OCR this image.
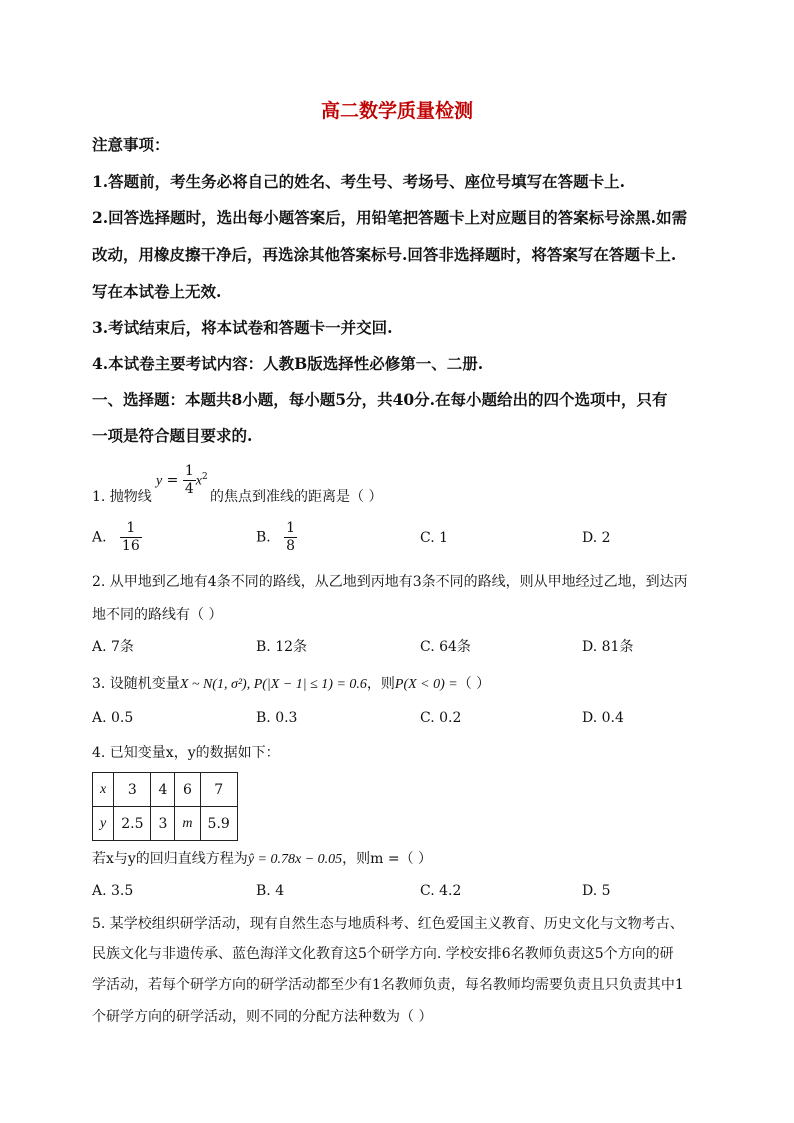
高二数学质量检测
注意事项：
1.答题前，考生务必将自己的姓名、考生号、考场号、座位号填写在答题卡上.
2.回答选择题时，选出每小题答案后，用铅笔把答题卡上对应题目的答案标号涂黑.如需
改动，用橡皮擦干净后，再选涂其他答案标号.回答非选择题时，将答案写在答题卡上.
写在本试卷上无效.
3.考试结束后，将本试卷和答题卡一并交回.
4.本试卷主要考试内容：人教B版选择性必修第一、二册.
一、选择题：本题共8小题，每小题5分，共40分.在每小题给出的四个选项中，只有
一项是符合题目要求的.
1. 抛物线
$y = \frac{1}{4} x^2$
的焦点到准线的距离是（ ）
A. $\frac{1}{16}$	B. $\frac{1}{8}$	C. 1	D. 2
2. 从甲地到乙地有4条不同的路线，从乙地到丙地有3条不同的路线，则从甲地经过乙地，到达丙
地不同的路线有（ ）
A. 7条	B. 12条	C. 64条	D. 81条
3. 设随机变量X ~ N(1, σ²), P(|X − 1| ≤ 1) = 0.6，则P(X < 0) =（ ）
A. 0.5	B. 0.3	C. 0.2	D. 0.4
4. 已知变量x，y的数据如下：
x	3	4	6	7
y	2.5	3	m	5.9
若x与y的回归直线方程为ŷ = 0.78x − 0.05，则m =（ ）
A. 3.5	B. 4	C. 4.2	D. 5
5. 某学校组织研学活动，现有自然生态与地质科考、红色爱国主义教育、历史文化与文物考古、
民族文化与非遗传承、蓝色海洋文化教育这5个研学方向. 学校安排6名教师负责这5个方向的研
学活动，若每个研学方向的研学活动都至少有1名教师负责，每名教师均需要负责且只负责其中1
个研学方向的研学活动，则不同的分配方法种数为（ ）
